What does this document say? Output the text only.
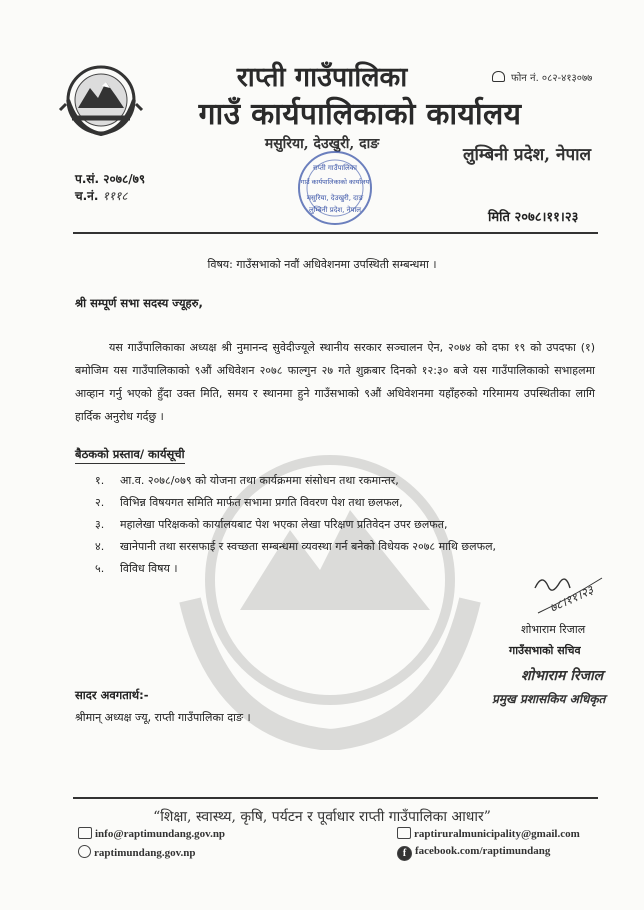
राप्ती गाउँपालिका
गाउँ कार्यपालिकाको कार्यालय
मसुरिया, देउखुरी, दाङ
फोन नं. ०८२-४१३०७७
लुम्बिनी प्रदेश, नेपाल
प.सं. २०७८/७९
च.नं. १११८
राप्ती गाउँपालिका
गाउँ कार्यपालिकाको कार्यालय
मसुरिया, देउखुरी, दाङ
लुम्बिनी प्रदेश, नेपाल	मिति २०७८।११।२३
विषय: गाउँसभाको नवौं अधिवेशनमा उपस्थिती सम्बन्धमा ।
श्री सम्पूर्ण सभा सदस्य ज्यूहरु,
यस गाउँपालिकाका अध्यक्ष श्री नुमानन्द सुवेदीज्यूले स्थानीय सरकार सञ्चालन ऐन, २०७४ को दफा १९ को उपदफा (१) बमोजिम यस गाउँपालिकाको ९औं अधिवेशन २०७८ फाल्गुन २७ गते शुक्रबार दिनको १२:३० बजे यस गाउँपालिकाको सभाहलमा आव्हान गर्नु भएको हुँदा उक्त मिति, समय र स्थानमा हुने गाउँसभाको ९औं अधिवेशनमा यहाँहरुको गरिमामय उपस्थितीका लागि हार्दिक अनुरोध गर्दछु ।
बैठकको प्रस्ताव/ कार्यसूची
१. आ.व. २०७८/०७९ को योजना तथा कार्यक्रममा संसोधन तथा रकमान्तर,
२. विभिन्न विषयगत समिति मार्फत सभामा प्रगति विवरण पेश तथा छलफल,
३. महालेखा परिक्षकको कार्यालयबाट पेश भएका लेखा परिक्षण प्रतिवेदन उपर छलफत,
४. खानेपानी तथा सरसफाई र स्वच्छता सम्बन्धमा व्यवस्था गर्न बनेको विधेयक २०७८ माथि छलफल,
५. विविध विषय ।
७८।११।२३
शोभाराम रिजाल
गाउँसभाको सचिव
शोभाराम रिजाल
प्रमुख प्रशासकिय अधिकृत
सादर अवगतार्थ:-
श्रीमान् अध्यक्ष ज्यू, राप्ती गाउँपालिका दाङ ।
“शिक्षा, स्वास्थ्य, कृषि, पर्यटन र पूर्वाधार राप्ती गाउँपालिका आधार”
info@raptimundang.gov.np
raptimundang.gov.np
raptiruralmunicipality@gmail.com
f facebook.com/raptimundang
